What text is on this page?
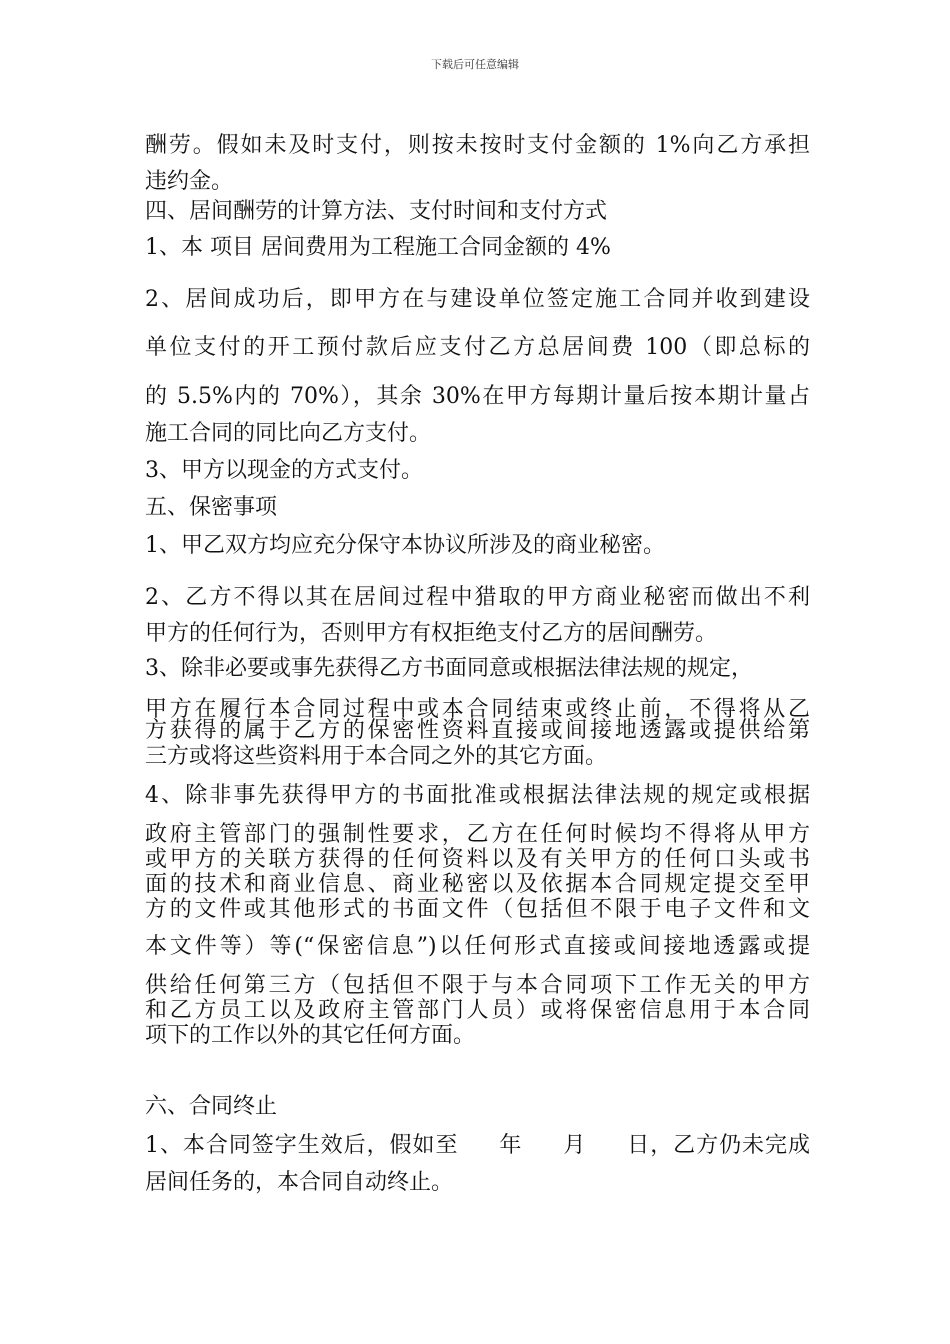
下载后可任意编辑
酬劳。假如未及时支付，则按未按时支付金额的 1%向乙方承担
违约金。
四、居间酬劳的计算方法、支付时间和支付方式
1、本 项目 居间费用为工程施工合同金额的 4%
2、居间成功后，即甲方在与建设单位签定施工合同并收到建设
单位支付的开工预付款后应支付乙方总居间费 100（即总标的
的 5.5%内的 70%），其余 30%在甲方每期计量后按本期计量占
施工合同的同比向乙方支付。
3、甲方以现金的方式支付。
五、保密事项
1、甲乙双方均应充分保守本协议所涉及的商业秘密。
2、乙方不得以其在居间过程中猎取的甲方商业秘密而做出不利
甲方的任何行为，否则甲方有权拒绝支付乙方的居间酬劳。
3、除非必要或事先获得乙方书面同意或根据法律法规的规定，
甲方在履行本合同过程中或本合同结束或终止前，不得将从乙
方获得的属于乙方的保密性资料直接或间接地透露或提供给第
三方或将这些资料用于本合同之外的其它方面。
4、除非事先获得甲方的书面批准或根据法律法规的规定或根据
政府主管部门的强制性要求，乙方在任何时候均不得将从甲方
或甲方的关联方获得的任何资料以及有关甲方的任何口头或书
面的技术和商业信息、商业秘密以及依据本合同规定提交至甲
方的文件或其他形式的书面文件（包括但不限于电子文件和文
本文件等）等(“保密信息”)以任何形式直接或间接地透露或提
供给任何第三方（包括但不限于与本合同项下工作无关的甲方
和乙方员工以及政府主管部门人员）或将保密信息用于本合同
项下的工作以外的其它任何方面。
六、合同终止
1、本合同签字生效后，假如至 年 月 日，乙方仍未完成
居间任务的，本合同自动终止。
